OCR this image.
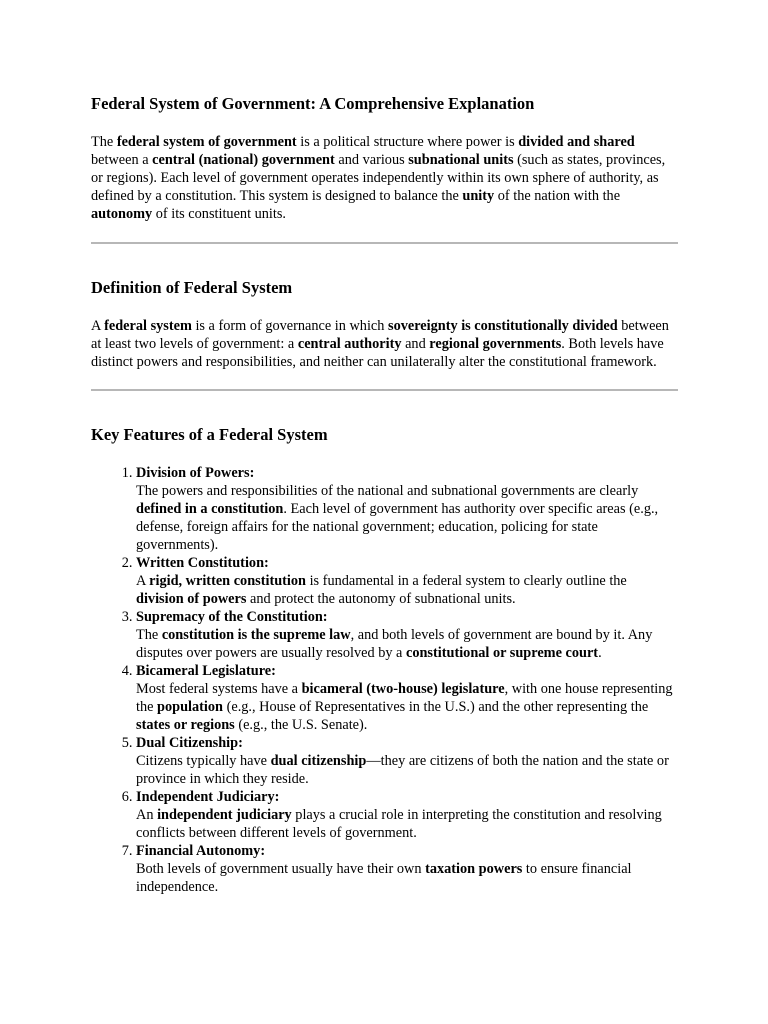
Federal System of Government: A Comprehensive Explanation

The federal system of government is a political structure where power is divided and shared between a central (national) government and various subnational units (such as states, provinces, or regions). Each level of government operates independently within its own sphere of authority, as defined by a constitution. This system is designed to balance the unity of the nation with the autonomy of its constituent units.

Definition of Federal System

A federal system is a form of governance in which sovereignty is constitutionally divided between at least two levels of government: a central authority and regional governments. Both levels have distinct powers and responsibilities, and neither can unilaterally alter the constitutional framework.

Key Features of a Federal System
1. Division of Powers:
The powers and responsibilities of the national and subnational governments are clearly defined in a constitution. Each level of government has authority over specific areas (e.g., defense, foreign affairs for the national government; education, policing for state governments).
2. Written Constitution:
A rigid, written constitution is fundamental in a federal system to clearly outline the division of powers and protect the autonomy of subnational units.
3. Supremacy of the Constitution:
The constitution is the supreme law, and both levels of government are bound by it. Any disputes over powers are usually resolved by a constitutional or supreme court.
4. Bicameral Legislature:
Most federal systems have a bicameral (two-house) legislature, with one house representing the population (e.g., House of Representatives in the U.S.) and the other representing the states or regions (e.g., the U.S. Senate).
5. Dual Citizenship:
Citizens typically have dual citizenship—they are citizens of both the nation and the state or province in which they reside.
6. Independent Judiciary:
An independent judiciary plays a crucial role in interpreting the constitution and resolving conflicts between different levels of government.
7. Financial Autonomy:
Both levels of government usually have their own taxation powers to ensure financial independence.
